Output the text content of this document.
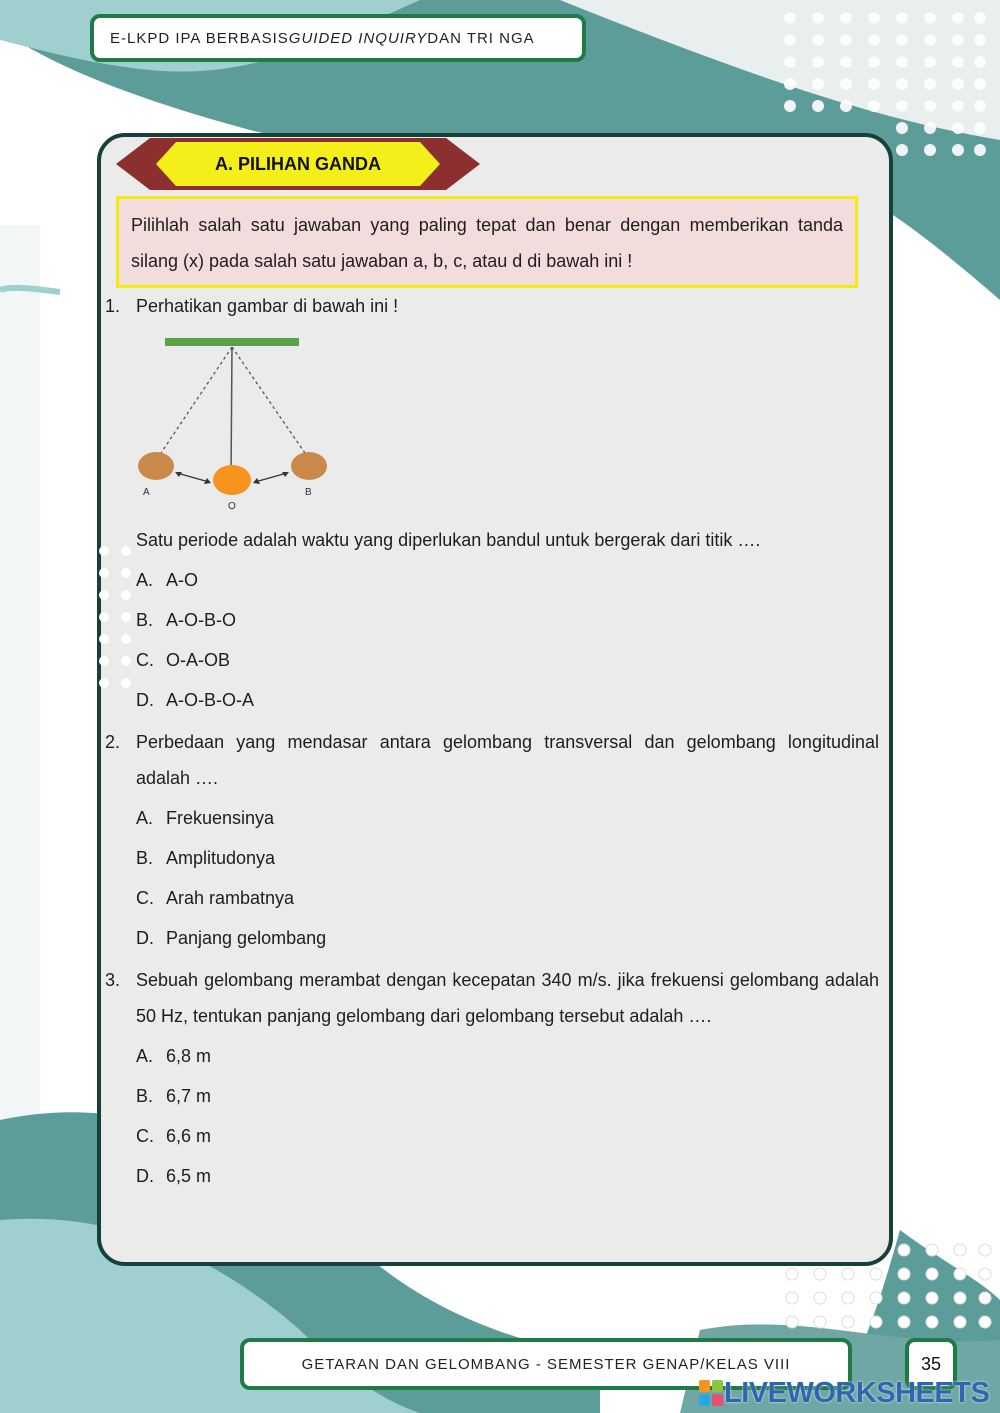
E-LKPD IPA BERBASIS GUIDED INQUIRY DAN TRI NGA
A. PILIHAN GANDA
Pilihlah salah satu jawaban yang paling tepat dan benar dengan memberikan tanda silang (x) pada salah satu jawaban a, b, c, atau d di bawah ini !
1. Perhatikan gambar di bawah ini !
A
O
B
Satu periode adalah waktu yang diperlukan bandul untuk bergerak dari titik ….
A. A-O
B. A-O-B-O
C. O-A-OB
D. A-O-B-O-A
2. Perbedaan yang mendasar antara gelombang transversal dan gelombang longitudinal adalah ….
A. Frekuensinya
B. Amplitudonya
C. Arah rambatnya
D. Panjang gelombang
3. Sebuah gelombang merambat dengan kecepatan 340 m/s. jika frekuensi gelombang adalah 50 Hz, tentukan panjang gelombang dari gelombang tersebut adalah ….
A. 6,8 m
B. 6,7 m
C. 6,6 m
D. 6,5 m
GETARAN DAN GELOMBANG - SEMESTER GENAP/KELAS VIII	35
LIVEWORKSHEETS
